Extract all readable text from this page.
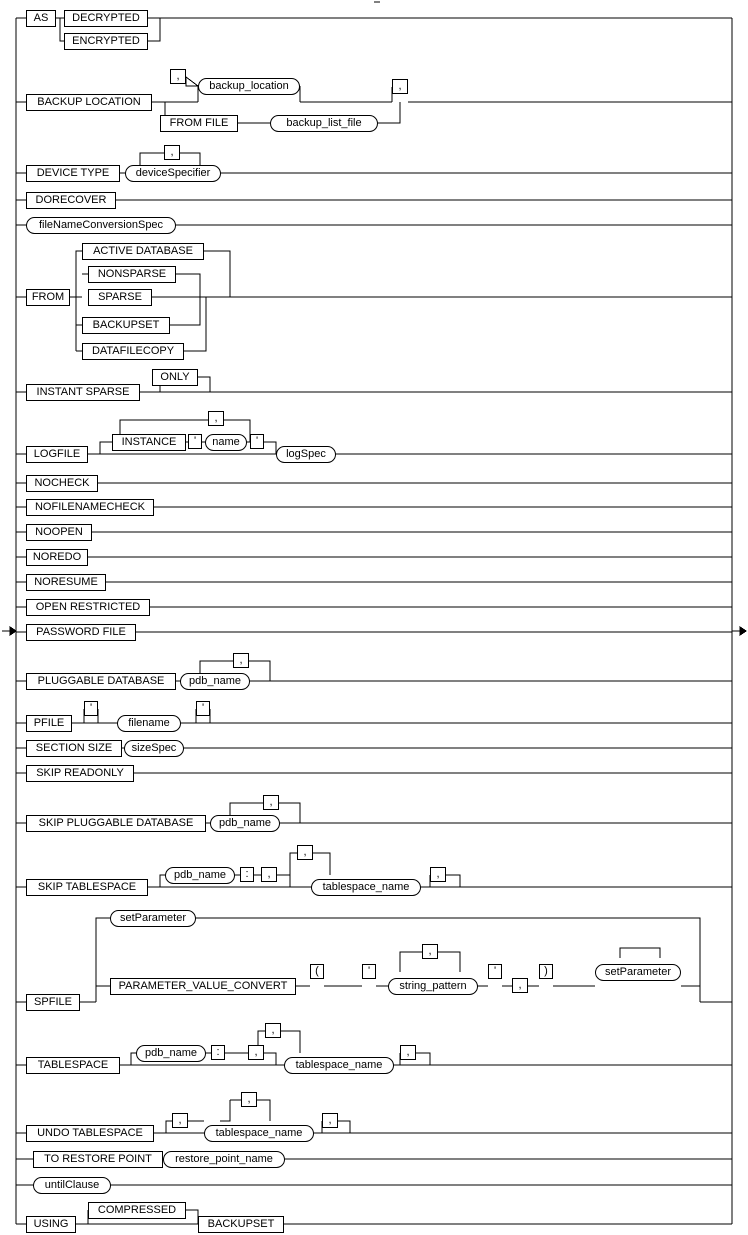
AS	DECRYPTED
ENCRYPTED
BACKUP LOCATION
,
backup_location	,
FROM FILE	backup_list_file
DEVICE TYPE
,
deviceSpecifier
DORECOVER
fileNameConversionSpec
FROM
ACTIVE DATABASE
NONSPARSE
SPARSE
BACKUPSET
DATAFILECOPY
INSTANT SPARSE
ONLY
LOGFILE
,
INSTANCE	'	name	'
logSpec
NOCHECK
NOFILENAMECHECK
NOOPEN
NOREDO
NORESUME
OPEN RESTRICTED
PASSWORD FILE
PLUGGABLE DATABASE
,
pdb_name
PFILE
'
filename
'
SECTION SIZE	sizeSpec
SKIP READONLY
SKIP PLUGGABLE DATABASE
,
pdb_name
SKIP TABLESPACE
pdb_name	:
,
,
tablespace_name
,
SPFILE
setParameter
PARAMETER_VALUE_CONVERT
(
,
'
string_pattern
'
,
)	setParameter
TABLESPACE
pdb_name	:
,
,
tablespace_name
,
UNDO TABLESPACE
,
,
tablespace_name
,
TO RESTORE POINT	restore_point_name
untilClause
USING
COMPRESSED
BACKUPSET
